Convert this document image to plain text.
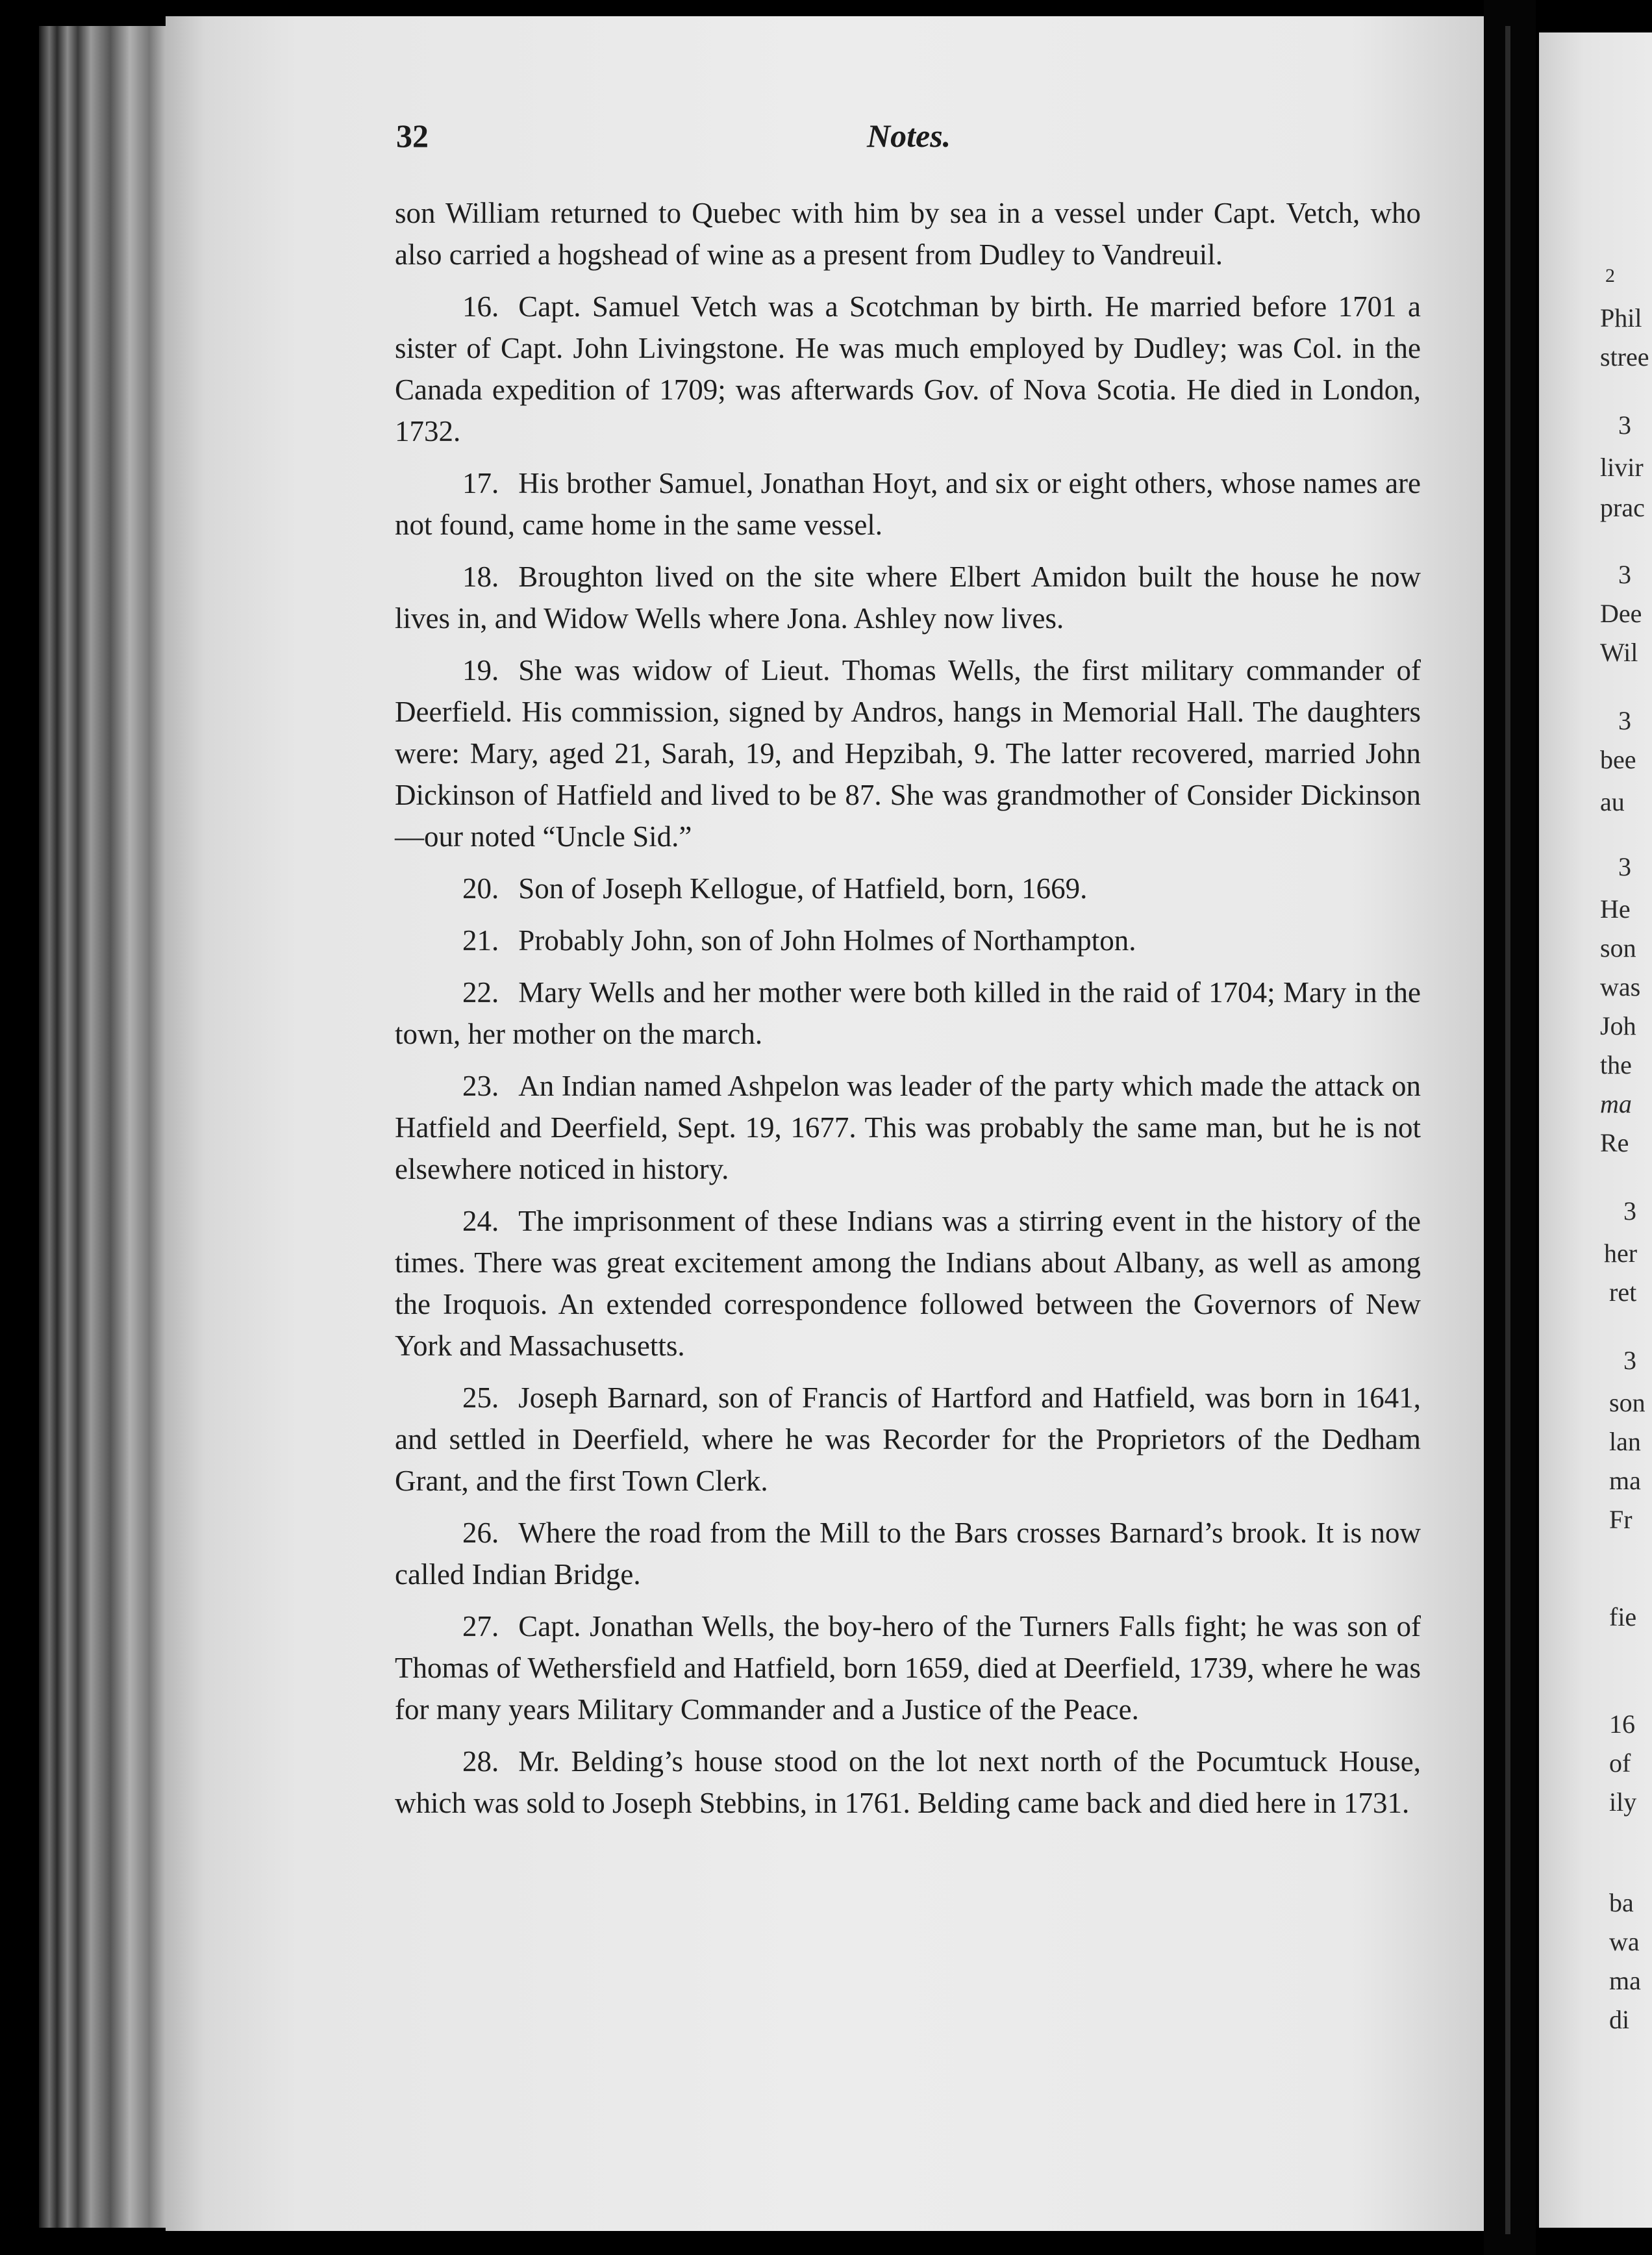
32	Notes.

son William returned to Quebec with him by sea in a vessel under Capt. Vetch, who also carried a hogshead of wine as a present from Dudley to Vandreuil.

16. Capt. Samuel Vetch was a Scotchman by birth. He married before 1701 a sister of Capt. John Livingstone. He was much employed by Dudley; was Col. in the Canada expedition of 1709; was afterwards Gov. of Nova Scotia. He died in London, 1732.

17. His brother Samuel, Jonathan Hoyt, and six or eight others, whose names are not found, came home in the same vessel.

18. Broughton lived on the site where Elbert Amidon built the house he now lives in, and Widow Wells where Jona. Ashley now lives.

19. She was widow of Lieut. Thomas Wells, the first military commander of Deerfield. His commission, signed by Andros, hangs in Memorial Hall. The daughters were: Mary, aged 21, Sarah, 19, and Hepzibah, 9. The latter recovered, married John Dickinson of Hatfield and lived to be 87. She was grandmother of Consider Dickinson —our noted “Uncle Sid.”

20. Son of Joseph Kellogue, of Hatfield, born, 1669.

21. Probably John, son of John Holmes of Northampton.

22. Mary Wells and her mother were both killed in the raid of 1704; Mary in the town, her mother on the march.

23. An Indian named Ashpelon was leader of the party which made the attack on Hatfield and Deerfield, Sept. 19, 1677. This was probably the same man, but he is not elsewhere noticed in history.

24. The imprisonment of these Indians was a stirring event in the history of the times. There was great excitement among the Indians about Albany, as well as among the Iroquois. An extended correspondence followed between the Governors of New York and Massachusetts.

25. Joseph Barnard, son of Francis of Hartford and Hatfield, was born in 1641, and settled in Deerfield, where he was Recorder for the Proprietors of the Dedham Grant, and the first Town Clerk.

26. Where the road from the Mill to the Bars crosses Barnard’s brook. It is now called Indian Bridge.

27. Capt. Jonathan Wells, the boy-hero of the Turners Falls fight; he was son of Thomas of Wethersfield and Hatfield, born 1659, died at Deerfield, 1739, where he was for many years Military Commander and a Justice of the Peace.

28. Mr. Belding’s house stood on the lot next north of the Pocumtuck House, which was sold to Joseph Stebbins, in 1761. Belding came back and died here in 1731.

2
Phil
stree
3
livir
prac
3
Dee
Wil
3
bee
au
3
He
son
was
Joh
the
ma
Re
3
her
ret
3
son
lan
ma
Fr
fie
16
of
ily
ba
wa
ma
di
